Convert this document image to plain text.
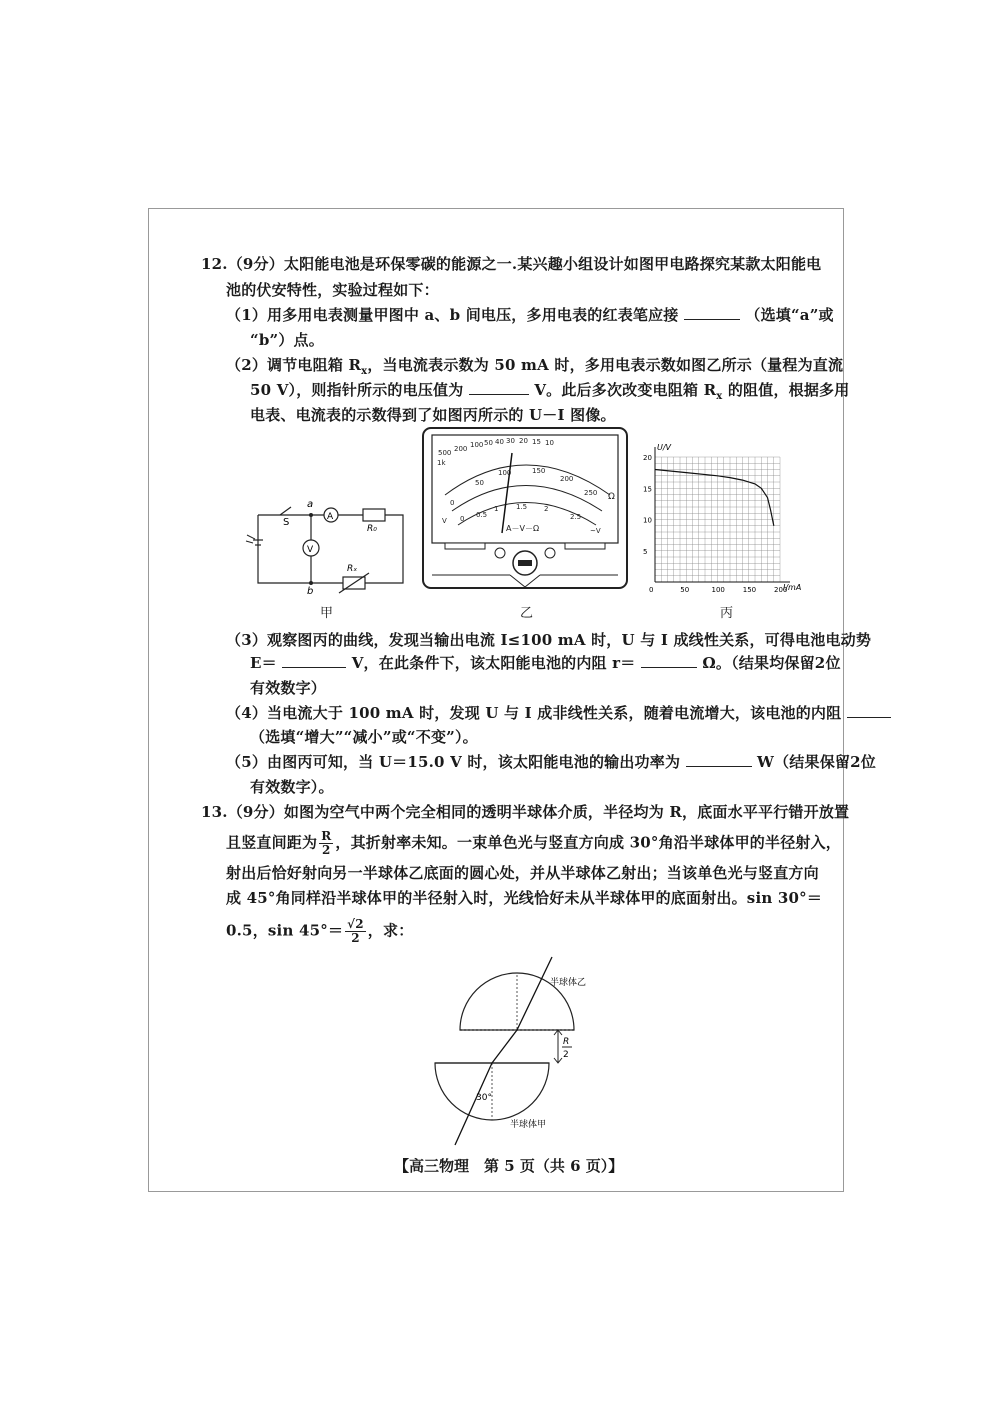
12.（9分）太阳能电池是环保零碳的能源之一.某兴趣小组设计如图甲电路探究某款太阳能电
池的伏安特性，实验过程如下：
（1）用多用电表测量甲图中 a、b 间电压，多用电表的红表笔应接	（选填“a”或
“b”）点。
（2）调节电阻箱 $R_x$，当电流表示数为 50 mA 时，多用电表示数如图乙所示（量程为直流
50 V），则指针所示的电压值为	V。此后多次改变电阻箱 $R_x$ 的阻值，根据多用
电表、电流表的示数得到了如图丙所示的 U－I 图像。
S	A
V
a
b
R₀
Rₓ
甲
500
1k
200 100 50 40 30 20 15 10
Ω
0
50
100	150
200
250
0 0.5
1	1.5 2
2.5
V
~V
A－V－Ω
乙
0	50	100	150	200
5
10
15
20
U/V
I/mA
丙
（3）观察图丙的曲线，发现当输出电流 I≤100 mA 时，U 与 I 成线性关系，可得电池电动势
E＝	V，在此条件下，该太阳能电池的内阻 r＝	Ω。（结果均保留2位
有效数字）
（4）当电流大于 100 mA 时，发现 U 与 I 成非线性关系，随着电流增大，该电池的内阻
（选填“增大”“减小”或“不变”）。
（5）由图丙可知，当 U＝15.0 V 时，该太阳能电池的输出功率为	W（结果保留2位
有效数字）。
13.（9分）如图为空气中两个完全相同的透明半球体介质，半径均为 R，底面水平平行错开放置
且竖直间距为 $\frac{R}{2}$ ，其折射率未知。一束单色光与竖直方向成 30°角沿半球体甲的半径射入，
射出后恰好射向另一半球体乙底面的圆心处，并从半球体乙射出；当该单色光与竖直方向
成 45°角同样沿半球体甲的半径射入时，光线恰好未从半球体甲的底面射出。sin 30°＝
0.5，$\sin 45^\circ= \frac{√2}{2}$ ，求：
R
2
30°
半球体乙
半球体甲
【高三物理　第 5 页（共 6 页）】
